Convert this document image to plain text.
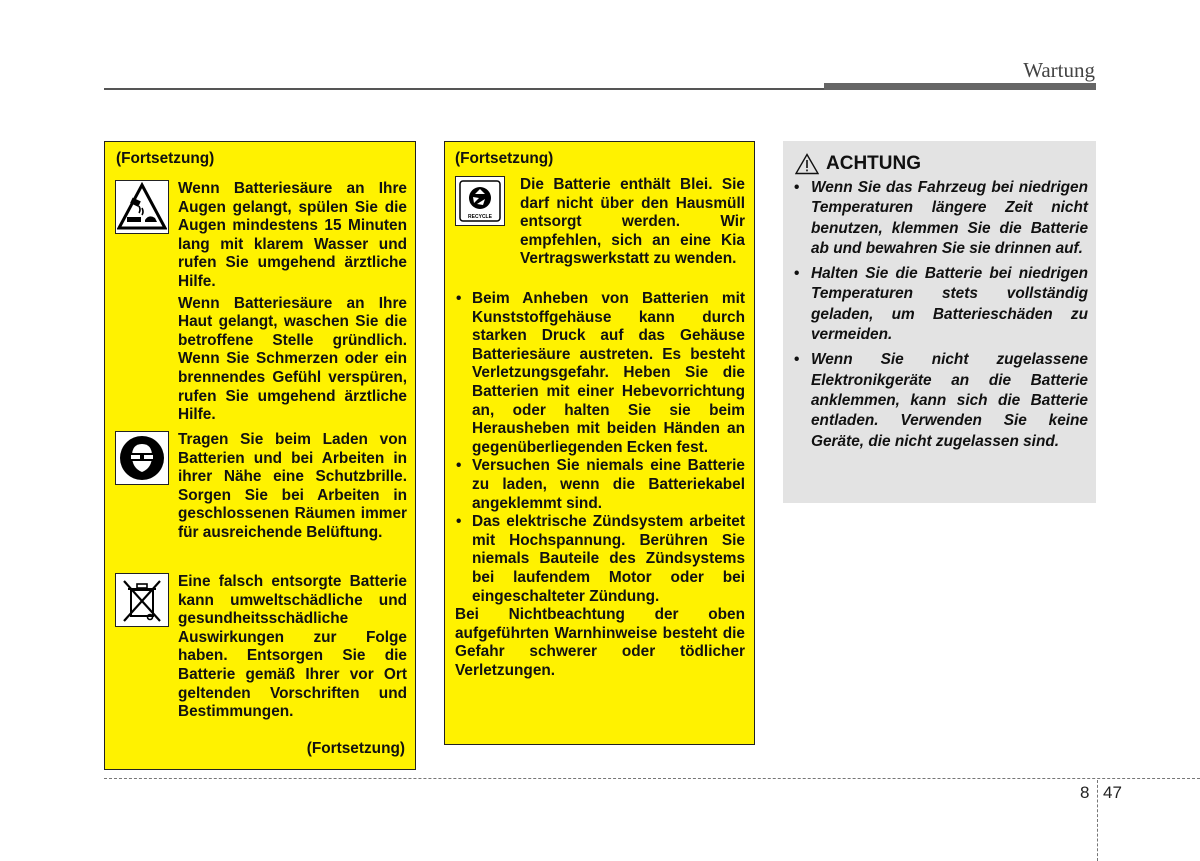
Wartung
(Fortsetzung)
Wenn Batteriesäure an Ihre Augen gelangt, spülen Sie die Augen mindestens 15 Minuten lang mit klarem Wasser und rufen Sie umgehend ärztliche Hilfe.
Wenn Batteriesäure an Ihre Haut gelangt, waschen Sie die betroffene Stelle gründlich. Wenn Sie Schmerzen oder ein brennendes Gefühl verspüren, rufen Sie umgehend ärztliche Hilfe.
Tragen Sie beim Laden von Batterien und bei Arbeiten in ihrer Nähe eine Schutzbrille. Sorgen Sie bei Arbeiten in geschlossenen Räumen immer für ausreichende Belüftung.
Eine falsch entsorgte Batterie kann umweltschädliche und gesundheitsschädliche Auswirkungen zur Folge haben. Entsorgen Sie die Batterie gemäß Ihrer vor Ort geltenden Vorschriften und Bestimmungen.
(Fortsetzung)
(Fortsetzung)
RECYCLE
Die Batterie enthält Blei. Sie darf nicht über den Hausmüll entsorgt werden. Wir empfehlen, sich an eine Kia Vertragswerkstatt zu wenden.
• Beim Anheben von Batterien mit Kunststoffgehäuse kann durch starken Druck auf das Gehäuse Batteriesäure austreten. Es besteht Verletzungsgefahr. Heben Sie die Batterien mit einer Hebevorrichtung an, oder halten Sie sie beim Herausheben mit beiden Händen an gegenüberliegenden Ecken fest.
• Versuchen Sie niemals eine Batterie zu laden, wenn die Batteriekabel angeklemmt sind.
• Das elektrische Zündsystem arbeitet mit Hochspannung. Berühren Sie niemals Bauteile des Zündsystems bei laufendem Motor oder bei eingeschalteter Zündung.
Bei Nichtbeachtung der oben aufgeführten Warnhinweise besteht die Gefahr schwerer oder tödlicher Verletzungen.
ACHTUNG
• Wenn Sie das Fahrzeug bei niedrigen Temperaturen längere Zeit nicht benutzen, klemmen Sie die Batterie ab und bewahren Sie sie drinnen auf.
• Halten Sie die Batterie bei niedrigen Temperaturen stets vollständig geladen, um Batterieschäden zu vermeiden.
• Wenn Sie nicht zugelassene Elektronikgeräte an die Batterie anklemmen, kann sich die Batterie entladen. Verwenden Sie keine Geräte, die nicht zugelassen sind.
8 47
